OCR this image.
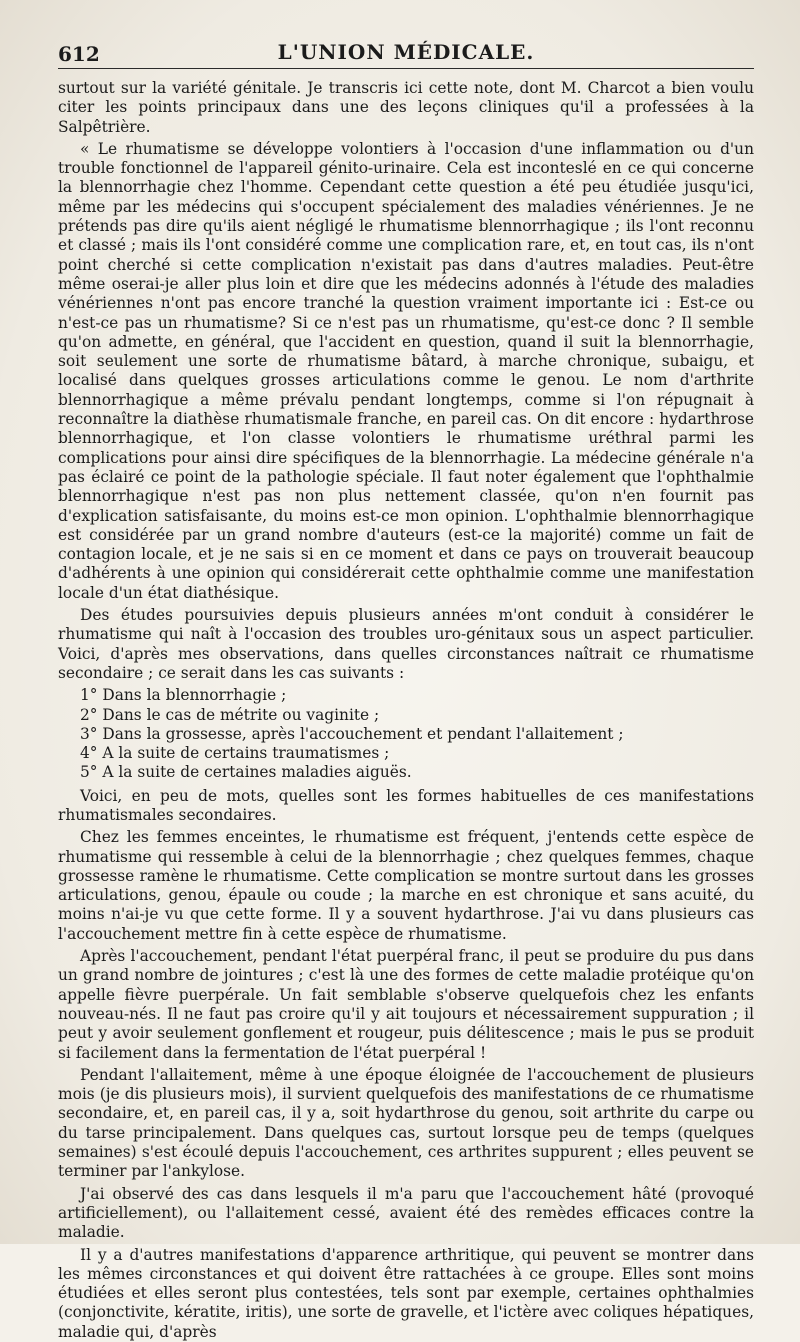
612	L'UNION MÉDICALE.

surtout sur la variété génitale. Je transcris ici cette note, dont M. Charcot a bien voulu citer les points principaux dans une des leçons cliniques qu'il a professées à la Salpêtrière.

« Le rhumatisme se développe volontiers à l'occasion d'une inflammation ou d'un trouble fonctionnel de l'appareil génito-urinaire. Cela est inconteslé en ce qui concerne la blennorrhagie chez l'homme. Cependant cette question a été peu étudiée jusqu'ici, même par les médecins qui s'occupent spécialement des maladies vénériennes. Je ne prétends pas dire qu'ils aient négligé le rhumatisme blennorrhagique ; ils l'ont reconnu et classé ; mais ils l'ont considéré comme une complication rare, et, en tout cas, ils n'ont point cherché si cette complication n'existait pas dans d'autres maladies. Peut-être même oserai-je aller plus loin et dire que les médecins adonnés à l'étude des maladies vénériennes n'ont pas encore tranché la question vraiment importante ici : Est-ce ou n'est-ce pas un rhumatisme? Si ce n'est pas un rhumatisme, qu'est-ce donc ? Il semble qu'on admette, en général, que l'accident en question, quand il suit la blennorrhagie, soit seulement une sorte de rhumatisme bâtard, à marche chronique, subaigu, et localisé dans quelques grosses articulations comme le genou. Le nom d'arthrite blennorrhagique a même prévalu pendant longtemps, comme si l'on répugnait à reconnaître la diathèse rhumatismale franche, en pareil cas. On dit encore : hydarthrose blennorrhagique, et l'on classe volontiers le rhumatisme uréthral parmi les complications pour ainsi dire spécifiques de la blennorrhagie. La médecine générale n'a pas éclairé ce point de la pathologie spéciale. Il faut noter également que l'ophthalmie blennorrhagique n'est pas non plus nettement classée, qu'on n'en fournit pas d'explication satisfaisante, du moins est-ce mon opinion. L'ophthalmie blennorrhagique est considérée par un grand nombre d'auteurs (est-ce la majorité) comme un fait de contagion locale, et je ne sais si en ce moment et dans ce pays on trouverait beaucoup d'adhérents à une opinion qui considérerait cette ophthalmie comme une manifestation locale d'un état diathésique.

Des études poursuivies depuis plusieurs années m'ont conduit à considérer le rhumatisme qui naît à l'occasion des troubles uro-génitaux sous un aspect particulier. Voici, d'après mes observations, dans quelles circonstances naîtrait ce rhumatisme secondaire ; ce serait dans les cas suivants :

1° Dans la blennorrhagie ;
2° Dans le cas de métrite ou vaginite ;
3° Dans la grossesse, après l'accouchement et pendant l'allaitement ;
4° A la suite de certains traumatismes ;
5° A la suite de certaines maladies aiguës.

Voici, en peu de mots, quelles sont les formes habituelles de ces manifestations rhumatismales secondaires.

Chez les femmes enceintes, le rhumatisme est fréquent, j'entends cette espèce de rhumatisme qui ressemble à celui de la blennorrhagie ; chez quelques femmes, chaque grossesse ramène le rhumatisme. Cette complication se montre surtout dans les grosses articulations, genou, épaule ou coude ; la marche en est chronique et sans acuité, du moins n'ai-je vu que cette forme. Il y a souvent hydarthrose. J'ai vu dans plusieurs cas l'accouchement mettre fin à cette espèce de rhumatisme.

Après l'accouchement, pendant l'état puerpéral franc, il peut se produire du pus dans un grand nombre de jointures ; c'est là une des formes de cette maladie protéique qu'on appelle fièvre puerpérale. Un fait semblable s'observe quelquefois chez les enfants nouveau-nés. Il ne faut pas croire qu'il y ait toujours et nécessairement suppuration ; il peut y avoir seulement gonflement et rougeur, puis délitescence ; mais le pus se produit si facilement dans la fermentation de l'état puerpéral !

Pendant l'allaitement, même à une époque éloignée de l'accouchement de plusieurs mois (je dis plusieurs mois), il survient quelquefois des manifestations de ce rhumatisme secondaire, et, en pareil cas, il y a, soit hydarthrose du genou, soit arthrite du carpe ou du tarse principalement. Dans quelques cas, surtout lorsque peu de temps (quelques semaines) s'est écoulé depuis l'accouchement, ces arthrites suppurent ; elles peuvent se terminer par l'ankylose.

J'ai observé des cas dans lesquels il m'a paru que l'accouchement hâté (provoqué artificiellement), ou l'allaitement cessé, avaient été des remèdes efficaces contre la maladie.

Il y a d'autres manifestations d'apparence arthritique, qui peuvent se montrer dans les mêmes circonstances et qui doivent être rattachées à ce groupe. Elles sont moins étudiées et elles seront plus contestées, tels sont par exemple, certaines ophthalmies (conjonctivite, kératite, iritis), une sorte de gravelle, et l'ictère avec coliques hépatiques, maladie qui, d'après
